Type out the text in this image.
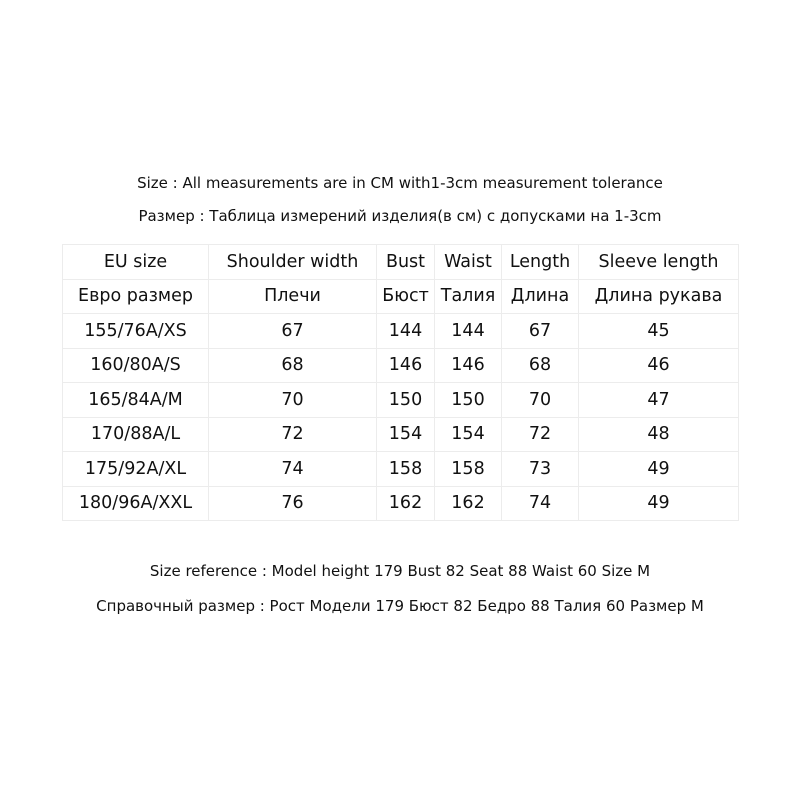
Size : All measurements are in CM with1-3cm measurement tolerance
Размер : Таблица измерений изделия(в см) с допусками на 1-3cm
EU size	Shoulder width	Bust	Waist	Length	Sleeve length
Евро размер	Плечи	Бюст	Талия	Длина	Длина рукава
155/76A/XS	67	144	144	67	45
160/80A/S	68	146	146	68	46
165/84A/M	70	150	150	70	47
170/88A/L	72	154	154	72	48
175/92A/XL	74	158	158	73	49
180/96A/XXL	76	162	162	74	49
Size reference : Model height 179 Bust 82 Seat 88 Waist 60 Size M
Справочный размер : Рост Модели 179 Бюст 82 Бедро 88 Талия 60 Размер M
